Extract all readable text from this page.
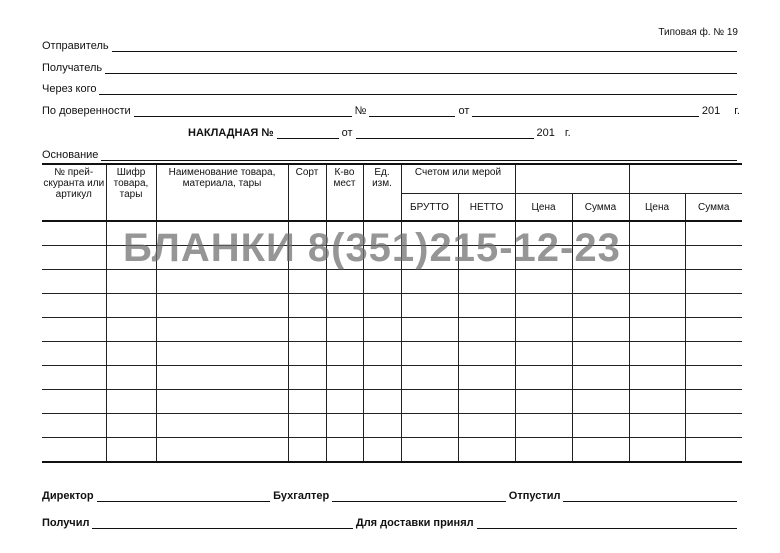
Типовая ф. № 19
Отправитель
Получатель
Через кого
По доверенности	№	от	201 г.
НАКЛАДНАЯ №	от	201 г.
Основание
№ прей-скуранта или артикул	Шифр товара, тары	Наименование товара, материала, тары	Сорт	К-во мест	Ед. изм.	Счетом или мерой					
						БРУТТО	НЕТТО	Цена	Сумма	Цена	Сумма

БЛАНКИ 8(351)215-12-23
Директор	Бухгалтер	Отпустил
Получил	Для доставки принял
